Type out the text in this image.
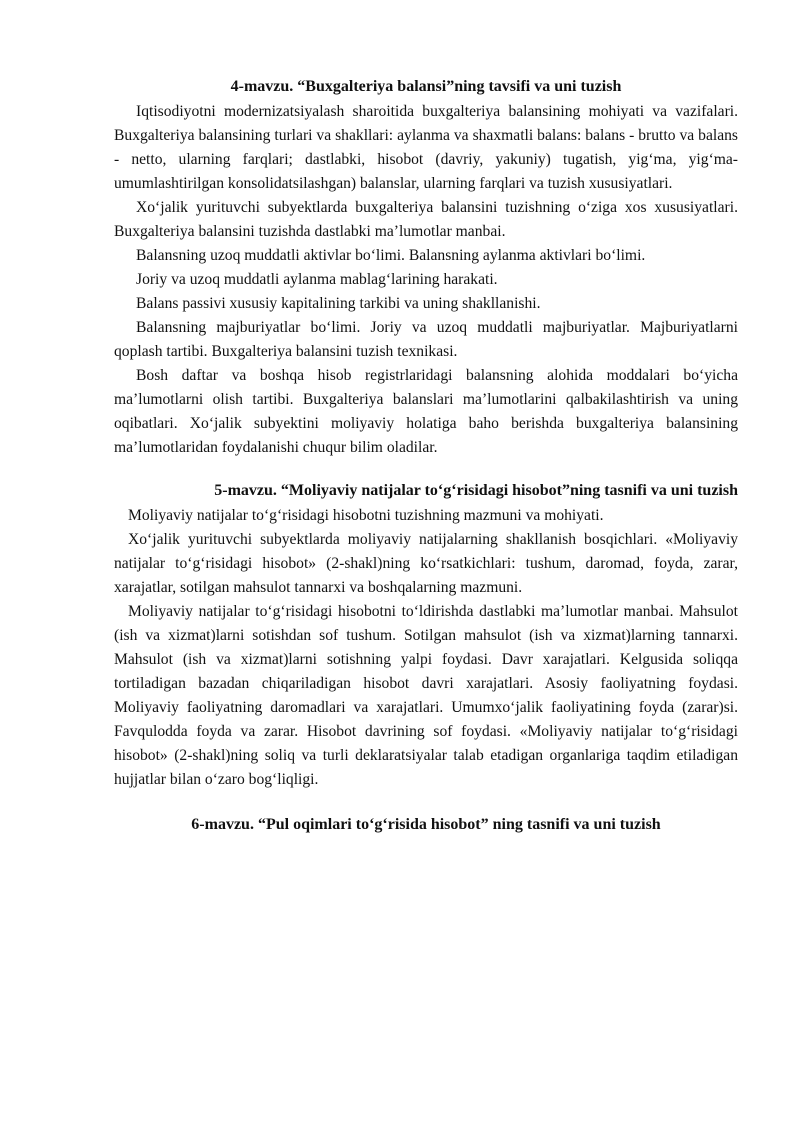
4-mavzu. “Buxgalteriya balansi”ning tavsifi va uni tuzish

Iqtisodiyotni modernizatsiyalash sharoitida buxgalteriya balansining mohiyati va vazifalari. Buxgalteriya balansining turlari va shakllari: aylanma va shaxmatli balans: balans - brutto va balans - netto, ularning farqlari; dastlabki, hisobot (davriy, yakuniy) tugatish, yig‘ma, yig‘ma-umumlashtirilgan konsolidatsilashgan) balanslar, ularning farqlari va tuzish xususiyatlari.

Xo‘jalik yurituvchi subyektlarda buxgalteriya balansini tuzishning o‘ziga xos xususiyatlari. Buxgalteriya balansini tuzishda dastlabki ma’lumotlar manbai.

Balansning uzoq muddatli aktivlar bo‘limi. Balansning aylanma aktivlari bo‘limi.

Joriy va uzoq muddatli aylanma mablag‘larining harakati.

Balans passivi xususiy kapitalining tarkibi va uning shakllanishi.

Balansning majburiyatlar bo‘limi. Joriy va uzoq muddatli majburiyatlar. Majburiyatlarni qoplash tartibi. Buxgalteriya balansini tuzish texnikasi.

Bosh daftar va boshqa hisob registrlaridagi balansning alohida moddalari bo‘yicha ma’lumotlarni olish tartibi. Buxgalteriya balanslari ma’lumotlarini qalbakilashtirish va uning oqibatlari. Xo‘jalik subyektini moliyaviy holatiga baho berishda buxgalteriya balansining ma’lumotlaridan foydalanishi chuqur bilim oladilar.

5-mavzu. “Moliyaviy natijalar to‘g‘risidagi hisobot”ning tasnifi va uni tuzish

Moliyaviy natijalar to‘g‘risidagi hisobotni tuzishning mazmuni va mohiyati.

Xo‘jalik yurituvchi subyektlarda moliyaviy natijalarning shakllanish bosqichlari. «Moliyaviy natijalar to‘g‘risidagi hisobot» (2-shakl)ning ko‘rsatkichlari: tushum, daromad, foyda, zarar, xarajatlar, sotilgan mahsulot tannarxi va boshqalarning mazmuni.

Moliyaviy natijalar to‘g‘risidagi hisobotni to‘ldirishda dastlabki ma’lumotlar manbai. Mahsulot (ish va xizmat)larni sotishdan sof tushum. Sotilgan mahsulot (ish va xizmat)larning tannarxi. Mahsulot (ish va xizmat)larni sotishning yalpi foydasi. Davr xarajatlari. Kelgusida soliqqa tortiladigan bazadan chiqariladigan hisobot davri xarajatlari. Asosiy faoliyatning foydasi. Moliyaviy faoliyatning daromadlari va xarajatlari. Umumxo‘jalik faoliyatining foyda (zarar)si. Favqulodda foyda va zarar. Hisobot davrining sof foydasi. «Moliyaviy natijalar to‘g‘risidagi hisobot» (2-shakl)ning soliq va turli deklaratsiyalar talab etadigan organlariga taqdim etiladigan hujjatlar bilan o‘zaro bog‘liqligi.

6-mavzu. “Pul oqimlari to‘g‘risida hisobot” ning tasnifi va uni tuzish
